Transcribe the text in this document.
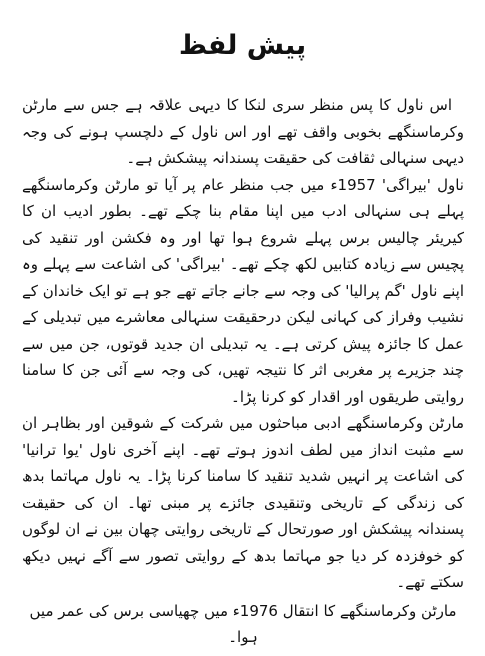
پیش لفظ

اس ناول کا پس منظر سری لنکا کا دیہی علاقہ ہے جس سے مارٹن وکرماسنگھے بخوبی واقف تھے اور اس ناول کے دلچسپ ہونے کی وجہ دیہی سنہالی ثقافت کی حقیقت پسندانہ پیشکش ہے۔

ناول 'بیراگی' 1957ء میں جب منظر عام پر آیا تو مارٹن وکرماسنگھے پہلے ہی سنہالی ادب میں اپنا مقام بنا چکے تھے۔ بطور ادیب ان کا کیریئر چالیس برس پہلے شروع ہوا تھا اور وہ فکشن اور تنقید کی پچیس سے زیادہ کتابیں لکھ چکے تھے۔ 'بیراگی' کی اشاعت سے پہلے وہ اپنے ناول 'گم پرالیا' کی وجہ سے جانے جاتے تھے جو ہے تو ایک خاندان کے نشیب وفراز کی کہانی لیکن درحقیقت سنہالی معاشرے میں تبدیلی کے عمل کا جائزہ پیش کرتی ہے۔ یہ تبدیلی ان جدید قوتوں، جن میں سے چند جزیرے پر مغربی اثر کا نتیجہ تھیں، کی وجہ سے آئی جن کا سامنا روایتی طریقوں اور اقدار کو کرنا پڑا۔

مارٹن وکرماسنگھے ادبی مباحثوں میں شرکت کے شوقین اور بظاہر ان سے مثبت انداز میں لطف اندوز ہوتے تھے۔ اپنے آخری ناول 'یوا ترانیا' کی اشاعت پر انہیں شدید تنقید کا سامنا کرنا پڑا۔ یہ ناول مہاتما بدھ کی زندگی کے تاریخی وتنقیدی جائزے پر مبنی تھا۔ ان کی حقیقت پسندانہ پیشکش اور صورتحال کے تاریخی روایتی چھان بین نے ان لوگوں کو خوفزدہ کر دیا جو مہاتما بدھ کے روایتی تصور سے آگے نہیں دیکھ سکتے تھے۔

مارٹن وکرماسنگھے کا انتقال 1976ء میں چھیاسی برس کی عمر میں ہوا۔
